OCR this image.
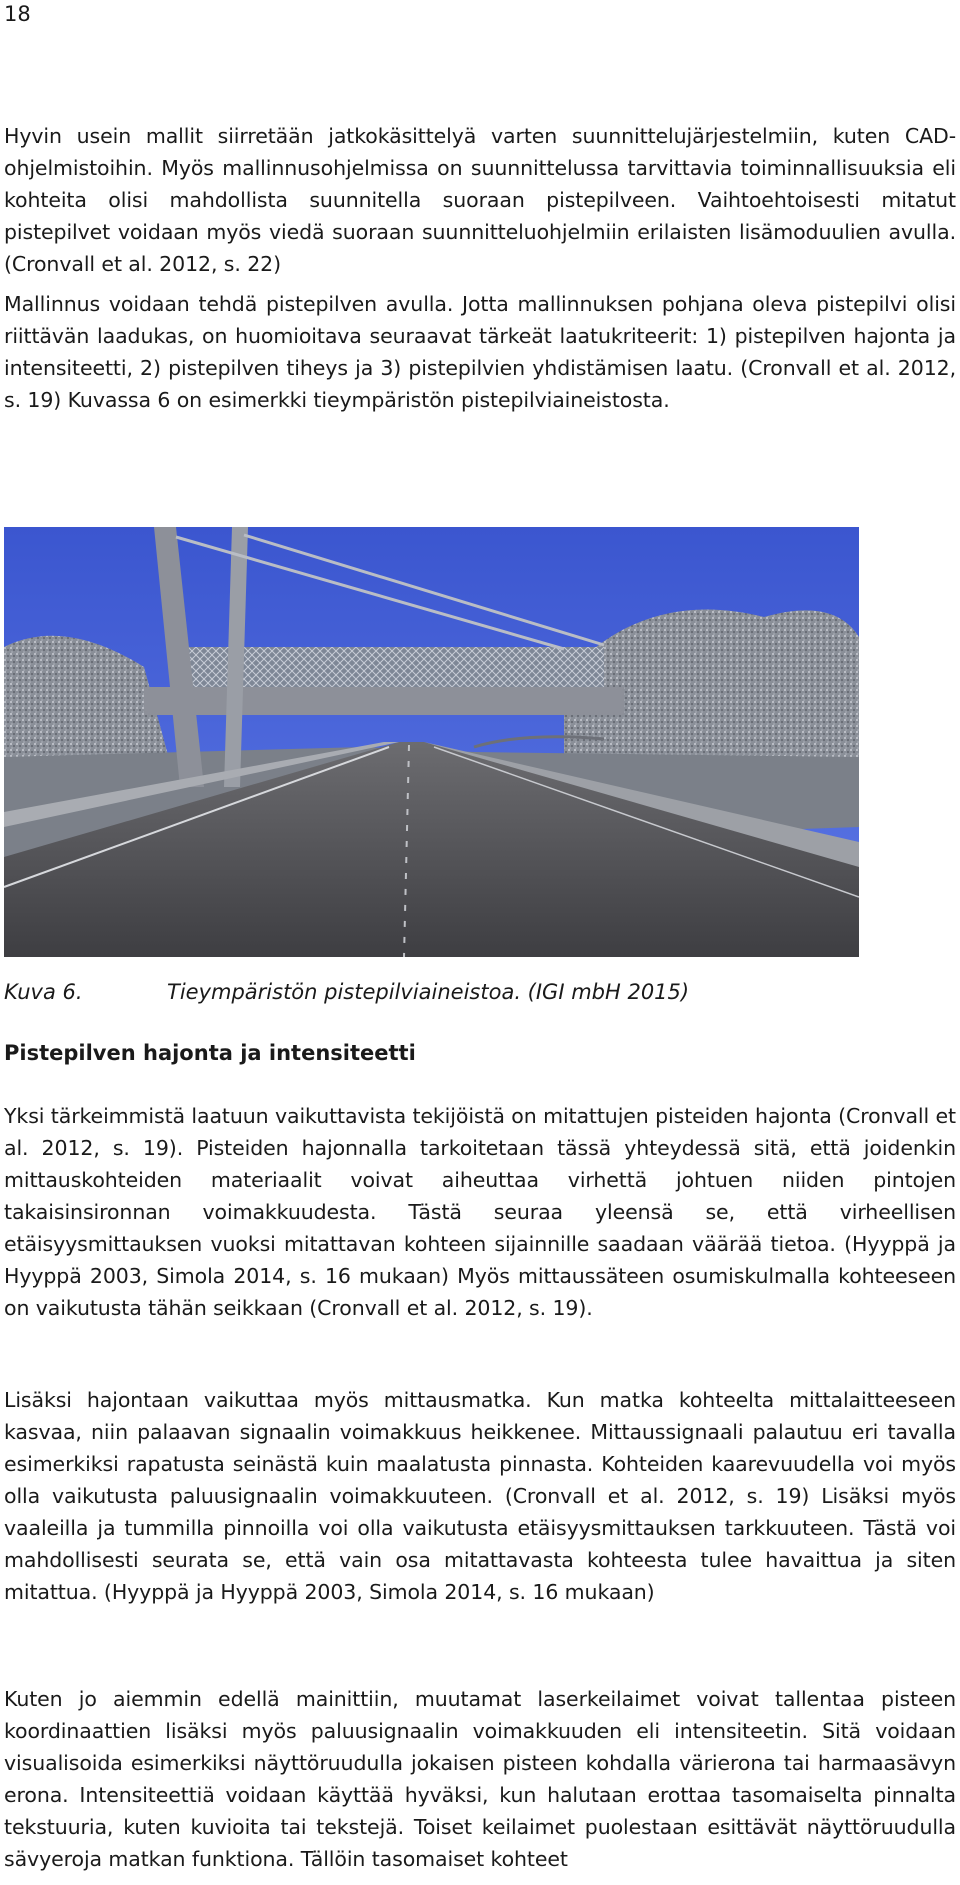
18

Hyvin usein mallit siirretään jatkokäsittelyä varten suunnittelujärjestelmiin, kuten CAD-ohjelmistoihin. Myös mallinnusohjelmissa on suunnittelussa tarvittavia toiminnallisuuksia eli kohteita olisi mahdollista suunnitella suoraan pistepilveen. Vaihtoehtoisesti mitatut pistepilvet voidaan myös viedä suoraan suunnitteluohjelmiin erilaisten lisämoduulien avulla. (Cronvall et al. 2012, s. 22)

Mallinnus voidaan tehdä pistepilven avulla. Jotta mallinnuksen pohjana oleva pistepilvi olisi riittävän laadukas, on huomioitava seuraavat tärkeät laatukriteerit: 1) pistepilven hajonta ja intensiteetti, 2) pistepilven tiheys ja 3) pistepilvien yhdistämisen laatu. (Cronvall et al. 2012, s. 19) Kuvassa 6 on esimerkki tieympäristön pistepilviaineistosta.

Kuva 6.	Tieympäristön pistepilviaineistoa. (IGI mbH 2015)
Pistepilven hajonta ja intensiteetti

Yksi tärkeimmistä laatuun vaikuttavista tekijöistä on mitattujen pisteiden hajonta (Cronvall et al. 2012, s. 19). Pisteiden hajonnalla tarkoitetaan tässä yhteydessä sitä, että joidenkin mittauskohteiden materiaalit voivat aiheuttaa virhettä johtuen niiden pintojen takaisinsironnan voimakkuudesta. Tästä seuraa yleensä se, että virheellisen etäisyysmittauksen vuoksi mitattavan kohteen sijainnille saadaan väärää tietoa. (Hyyppä ja Hyyppä 2003, Simola 2014, s. 16 mukaan) Myös mittaussäteen osumiskulmalla kohteeseen on vaikutusta tähän seikkaan (Cronvall et al. 2012, s. 19).

Lisäksi hajontaan vaikuttaa myös mittausmatka. Kun matka kohteelta mittalaitteeseen kasvaa, niin palaavan signaalin voimakkuus heikkenee. Mittaussignaali palautuu eri tavalla esimerkiksi rapatusta seinästä kuin maalatusta pinnasta. Kohteiden kaarevuudella voi myös olla vaikutusta paluusignaalin voimakkuuteen. (Cronvall et al. 2012, s. 19) Lisäksi myös vaaleilla ja tummilla pinnoilla voi olla vaikutusta etäisyysmittauksen tarkkuuteen. Tästä voi mahdollisesti seurata se, että vain osa mitattavasta kohteesta tulee havaittua ja siten mitattua. (Hyyppä ja Hyyppä 2003, Simola 2014, s. 16 mukaan)

Kuten jo aiemmin edellä mainittiin, muutamat laserkeilaimet voivat tallentaa pisteen koordinaattien lisäksi myös paluusignaalin voimakkuuden eli intensiteetin. Sitä voidaan visualisoida esimerkiksi näyttöruudulla jokaisen pisteen kohdalla värierona tai harmaasävyn erona. Intensiteettiä voidaan käyttää hyväksi, kun halutaan erottaa tasomaiselta pinnalta tekstuuria, kuten kuvioita tai tekstejä. Toiset keilaimet puolestaan esittävät näyttöruudulla sävyeroja matkan funktiona. Tällöin tasomaiset kohteet
